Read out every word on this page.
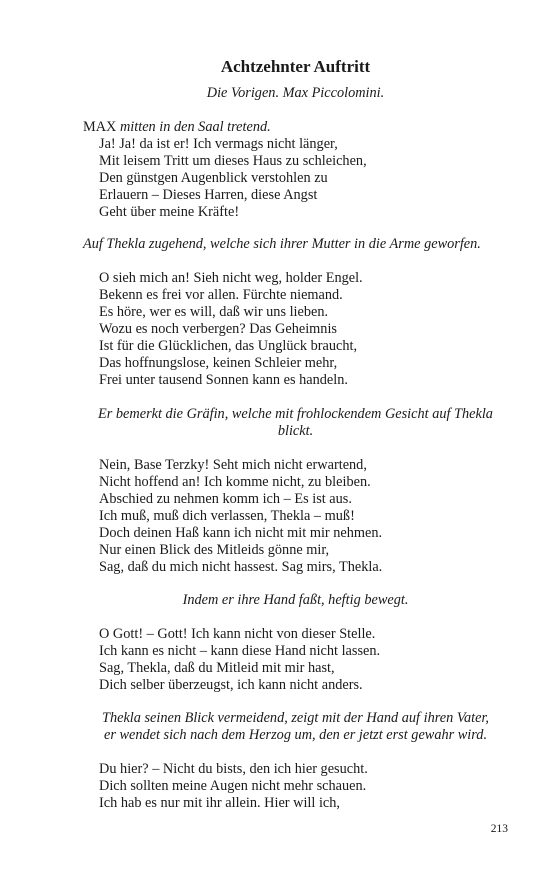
Achtzehnter Auftritt
Die Vorigen. Max Piccolomini.
MAX mitten in den Saal tretend.
Ja! Ja! da ist er! Ich vermags nicht länger,
Mit leisem Tritt um dieses Haus zu schleichen,
Den günstgen Augenblick verstohlen zu
Erlauern – Dieses Harren, diese Angst
Geht über meine Kräfte!
Auf Thekla zugehend, welche sich ihrer Mutter in die Arme geworfen.
O sieh mich an! Sieh nicht weg, holder Engel.
Bekenn es frei vor allen. Fürchte niemand.
Es höre, wer es will, daß wir uns lieben.
Wozu es noch verbergen? Das Geheimnis
Ist für die Glücklichen, das Unglück braucht,
Das hoffnungslose, keinen Schleier mehr,
Frei unter tausend Sonnen kann es handeln.
Er bemerkt die Gräfin, welche mit frohlockendem Gesicht auf Thekla
blickt.
Nein, Base Terzky! Seht mich nicht erwartend,
Nicht hoffend an! Ich komme nicht, zu bleiben.
Abschied zu nehmen komm ich – Es ist aus.
Ich muß, muß dich verlassen, Thekla – muß!
Doch deinen Haß kann ich nicht mit mir nehmen.
Nur einen Blick des Mitleids gönne mir,
Sag, daß du mich nicht hassest. Sag mirs, Thekla.
Indem er ihre Hand faßt, heftig bewegt.
O Gott! – Gott! Ich kann nicht von dieser Stelle.
Ich kann es nicht – kann diese Hand nicht lassen.
Sag, Thekla, daß du Mitleid mit mir hast,
Dich selber überzeugst, ich kann nicht anders.
Thekla seinen Blick vermeidend, zeigt mit der Hand auf ihren Vater,
er wendet sich nach dem Herzog um, den er jetzt erst gewahr wird.
Du hier? – Nicht du bists, den ich hier gesucht.
Dich sollten meine Augen nicht mehr schauen.
Ich hab es nur mit ihr allein. Hier will ich,
213
